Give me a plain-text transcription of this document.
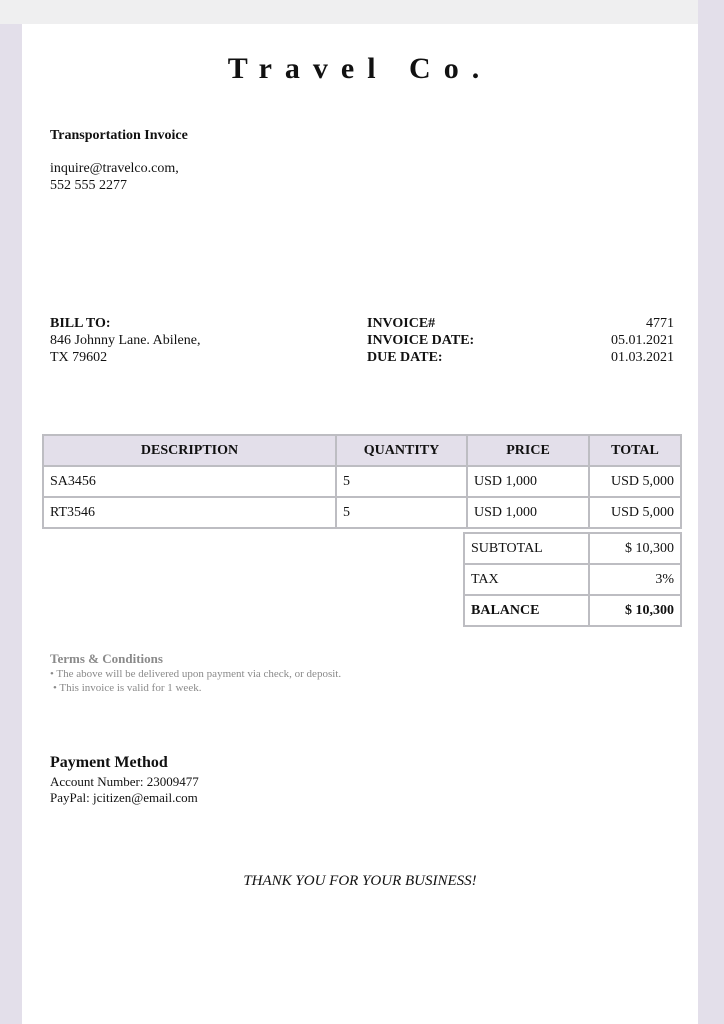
Travel Co.
Transportation Invoice
inquire@travelco.com,
552 555 2277
BILL TO:
846 Johnny Lane. Abilene,
TX 79602
INVOICE#	4771
INVOICE DATE:	05.01.2021
DUE DATE:	01.03.2021
DESCRIPTION	QUANTITY	PRICE	TOTAL
SA3456	5	USD 1,000	USD 5,000
RT3546	5	USD 1,000	USD 5,000
SUBTOTAL	$ 10,300
TAX	3%
BALANCE	$ 10,300
Terms & Conditions
• The above will be delivered upon payment via check, or deposit.
• This invoice is valid for 1 week.
Payment Method
Account Number: 23009477
PayPal: jcitizen@email.com
THANK YOU FOR YOUR BUSINESS!
